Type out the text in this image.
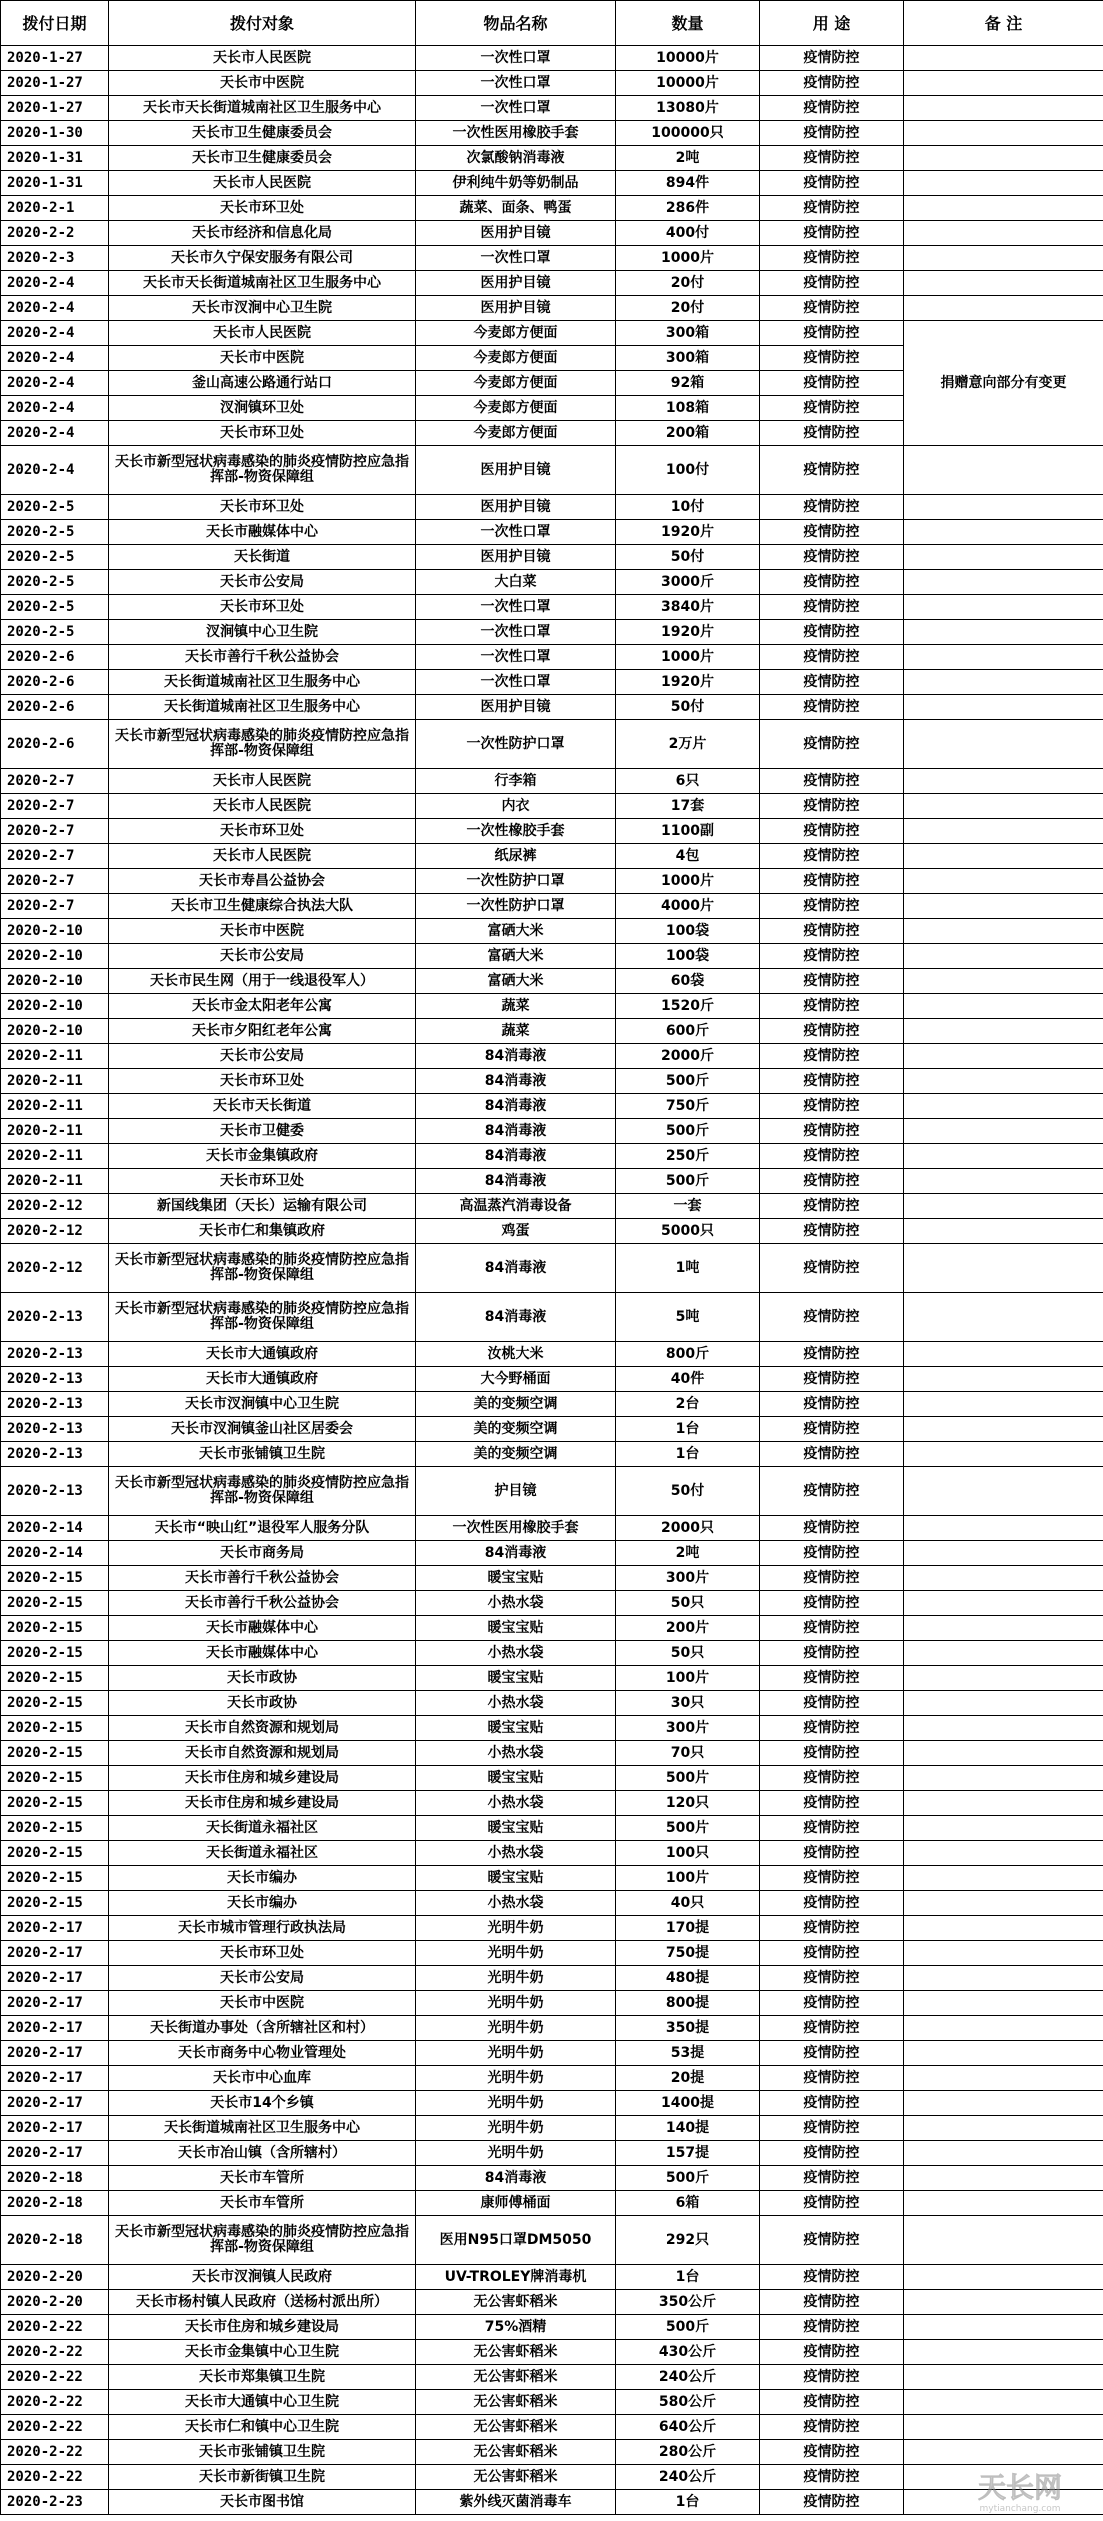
拨付日期	拨付对象	物品名称	数量	用 途	备 注
2020-1-27	天长市人民医院	一次性口罩	10000片	疫情防控	
2020-1-27	天长市中医院	一次性口罩	10000片	疫情防控	
2020-1-27	天长市天长街道城南社区卫生服务中心	一次性口罩	13080片	疫情防控	
2020-1-30	天长市卫生健康委员会	一次性医用橡胶手套	100000只	疫情防控	
2020-1-31	天长市卫生健康委员会	次氯酸钠消毒液	2吨	疫情防控	
2020-1-31	天长市人民医院	伊利纯牛奶等奶制品	894件	疫情防控	
2020-2-1	天长市环卫处	蔬菜、面条、鸭蛋	286件	疫情防控	
2020-2-2	天长市经济和信息化局	医用护目镜	400付	疫情防控	
2020-2-3	天长市久宁保安服务有限公司	一次性口罩	1000片	疫情防控	
2020-2-4	天长市天长街道城南社区卫生服务中心	医用护目镜	20付	疫情防控	
2020-2-4	天长市汊涧中心卫生院	医用护目镜	20付	疫情防控	
2020-2-4	天长市人民医院	今麦郎方便面	300箱	疫情防控	捐赠意向部分有变更
2020-2-4	天长市中医院	今麦郎方便面	300箱	疫情防控	
2020-2-4	釜山高速公路通行站口	今麦郎方便面	92箱	疫情防控	
2020-2-4	汊涧镇环卫处	今麦郎方便面	108箱	疫情防控	
2020-2-4	天长市环卫处	今麦郎方便面	200箱	疫情防控	
2020-2-4	天长市新型冠状病毒感染的肺炎疫情防控应急指挥部-物资保障组	医用护目镜	100付	疫情防控	
2020-2-5	天长市环卫处	医用护目镜	10付	疫情防控	
2020-2-5	天长市融媒体中心	一次性口罩	1920片	疫情防控	
2020-2-5	天长街道	医用护目镜	50付	疫情防控	
2020-2-5	天长市公安局	大白菜	3000斤	疫情防控	
2020-2-5	天长市环卫处	一次性口罩	3840片	疫情防控	
2020-2-5	汊涧镇中心卫生院	一次性口罩	1920片	疫情防控	
2020-2-6	天长市善行千秋公益协会	一次性口罩	1000片	疫情防控	
2020-2-6	天长街道城南社区卫生服务中心	一次性口罩	1920片	疫情防控	
2020-2-6	天长街道城南社区卫生服务中心	医用护目镜	50付	疫情防控	
2020-2-6	天长市新型冠状病毒感染的肺炎疫情防控应急指挥部-物资保障组	一次性防护口罩	2万片	疫情防控	
2020-2-7	天长市人民医院	行李箱	6只	疫情防控	
2020-2-7	天长市人民医院	内衣	17套	疫情防控	
2020-2-7	天长市环卫处	一次性橡胶手套	1100副	疫情防控	
2020-2-7	天长市人民医院	纸尿裤	4包	疫情防控	
2020-2-7	天长市寿昌公益协会	一次性防护口罩	1000片	疫情防控	
2020-2-7	天长市卫生健康综合执法大队	一次性防护口罩	4000片	疫情防控	
2020-2-10	天长市中医院	富硒大米	100袋	疫情防控	
2020-2-10	天长市公安局	富硒大米	100袋	疫情防控	
2020-2-10	天长市民生网（用于一线退役军人）	富硒大米	60袋	疫情防控	
2020-2-10	天长市金太阳老年公寓	蔬菜	1520斤	疫情防控	
2020-2-10	天长市夕阳红老年公寓	蔬菜	600斤	疫情防控	
2020-2-11	天长市公安局	84消毒液	2000斤	疫情防控	
2020-2-11	天长市环卫处	84消毒液	500斤	疫情防控	
2020-2-11	天长市天长街道	84消毒液	750斤	疫情防控	
2020-2-11	天长市卫健委	84消毒液	500斤	疫情防控	
2020-2-11	天长市金集镇政府	84消毒液	250斤	疫情防控	
2020-2-11	天长市环卫处	84消毒液	500斤	疫情防控	
2020-2-12	新国线集团（天长）运输有限公司	高温蒸汽消毒设备	一套	疫情防控	
2020-2-12	天长市仁和集镇政府	鸡蛋	5000只	疫情防控	
2020-2-12	天长市新型冠状病毒感染的肺炎疫情防控应急指挥部-物资保障组	84消毒液	1吨	疫情防控	
2020-2-13	天长市新型冠状病毒感染的肺炎疫情防控应急指挥部-物资保障组	84消毒液	5吨	疫情防控	
2020-2-13	天长市大通镇政府	汝桃大米	800斤	疫情防控	
2020-2-13	天长市大通镇政府	大今野桶面	40件	疫情防控	
2020-2-13	天长市汊涧镇中心卫生院	美的变频空调	2台	疫情防控	
2020-2-13	天长市汊涧镇釜山社区居委会	美的变频空调	1台	疫情防控	
2020-2-13	天长市张铺镇卫生院	美的变频空调	1台	疫情防控	
2020-2-13	天长市新型冠状病毒感染的肺炎疫情防控应急指挥部-物资保障组	护目镜	50付	疫情防控	
2020-2-14	天长市“映山红”退役军人服务分队	一次性医用橡胶手套	2000只	疫情防控	
2020-2-14	天长市商务局	84消毒液	2吨	疫情防控	
2020-2-15	天长市善行千秋公益协会	暖宝宝贴	300片	疫情防控	
2020-2-15	天长市善行千秋公益协会	小热水袋	50只	疫情防控	
2020-2-15	天长市融媒体中心	暖宝宝贴	200片	疫情防控	
2020-2-15	天长市融媒体中心	小热水袋	50只	疫情防控	
2020-2-15	天长市政协	暖宝宝贴	100片	疫情防控	
2020-2-15	天长市政协	小热水袋	30只	疫情防控	
2020-2-15	天长市自然资源和规划局	暖宝宝贴	300片	疫情防控	
2020-2-15	天长市自然资源和规划局	小热水袋	70只	疫情防控	
2020-2-15	天长市住房和城乡建设局	暖宝宝贴	500片	疫情防控	
2020-2-15	天长市住房和城乡建设局	小热水袋	120只	疫情防控	
2020-2-15	天长街道永福社区	暖宝宝贴	500片	疫情防控	
2020-2-15	天长街道永福社区	小热水袋	100只	疫情防控	
2020-2-15	天长市编办	暖宝宝贴	100片	疫情防控	
2020-2-15	天长市编办	小热水袋	40只	疫情防控	
2020-2-17	天长市城市管理行政执法局	光明牛奶	170提	疫情防控	
2020-2-17	天长市环卫处	光明牛奶	750提	疫情防控	
2020-2-17	天长市公安局	光明牛奶	480提	疫情防控	
2020-2-17	天长市中医院	光明牛奶	800提	疫情防控	
2020-2-17	天长街道办事处（含所辖社区和村）	光明牛奶	350提	疫情防控	
2020-2-17	天长市商务中心物业管理处	光明牛奶	53提	疫情防控	
2020-2-17	天长市中心血库	光明牛奶	20提	疫情防控	
2020-2-17	天长市14个乡镇	光明牛奶	1400提	疫情防控	
2020-2-17	天长街道城南社区卫生服务中心	光明牛奶	140提	疫情防控	
2020-2-17	天长市冶山镇（含所辖村）	光明牛奶	157提	疫情防控	
2020-2-18	天长市车管所	84消毒液	500斤	疫情防控	
2020-2-18	天长市车管所	康师傅桶面	6箱	疫情防控	
2020-2-18	天长市新型冠状病毒感染的肺炎疫情防控应急指挥部-物资保障组	医用N95口罩DM5050	292只	疫情防控	
2020-2-20	天长市汊涧镇人民政府	UV-TROLEY牌消毒机	1台	疫情防控	
2020-2-20	天长市杨村镇人民政府（送杨村派出所）	无公害虾稻米	350公斤	疫情防控	
2020-2-22	天长市住房和城乡建设局	75%酒精	500斤	疫情防控	
2020-2-22	天长市金集镇中心卫生院	无公害虾稻米	430公斤	疫情防控	
2020-2-22	天长市郑集镇卫生院	无公害虾稻米	240公斤	疫情防控	
2020-2-22	天长市大通镇中心卫生院	无公害虾稻米	580公斤	疫情防控	
2020-2-22	天长市仁和镇中心卫生院	无公害虾稻米	640公斤	疫情防控	
2020-2-22	天长市张铺镇卫生院	无公害虾稻米	280公斤	疫情防控	
2020-2-22	天长市新街镇卫生院	无公害虾稻米	240公斤	疫情防控	
2020-2-23	天长市图书馆	紫外线灭菌消毒车	1台	疫情防控		天长网
mytianchang.com
